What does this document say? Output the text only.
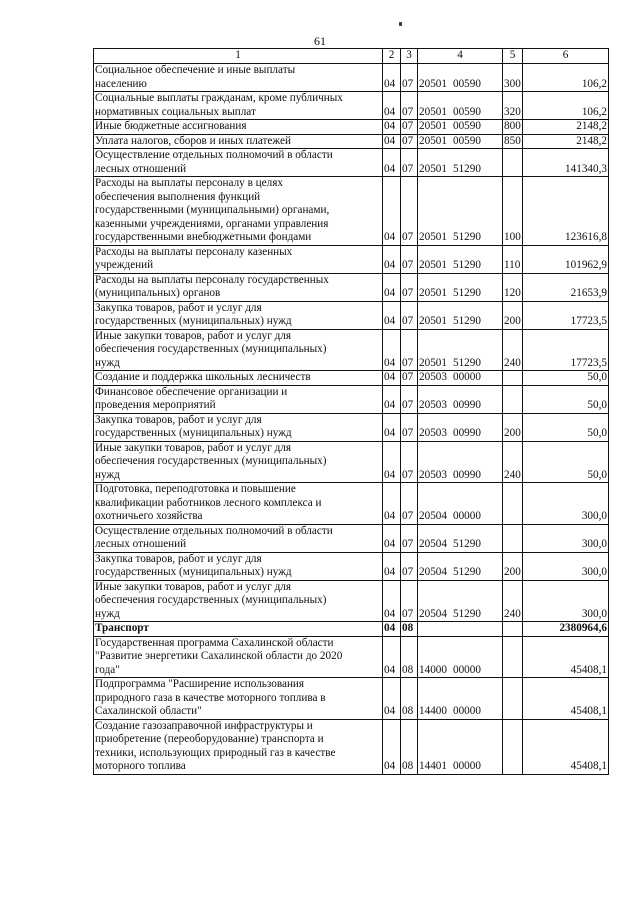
61
1	2	3	4	5	6

Социальное обеспечение и иные выплаты
населению	04	07	20501 00590	300	106,2

Социальные выплаты гражданам, кроме публичных
нормативных социальных выплат	04	07	20501 00590	320	106,2

Иные бюджетные ассигнования	04	07	20501 00590	800	2148,2

Уплата налогов, сборов и иных платежей	04	07	20501 00590	850	2148,2

Осуществление отдельных полномочий в области
лесных отношений	04	07	20501 51290		141340,3

Расходы на выплаты персоналу в целях
обеспечения выполнения функций
государственными (муниципальными) органами,
казенными учреждениями, органами управления
государственными внебюджетными фондами	04	07	20501 51290	100	123616,8

Расходы на выплаты персоналу казенных
учреждений	04	07	20501 51290	110	101962,9

Расходы на выплаты персоналу государственных
(муниципальных) органов	04	07	20501 51290	120	21653,9

Закупка товаров, работ и услуг для
государственных (муниципальных) нужд	04	07	20501 51290	200	17723,5

Иные закупки товаров, работ и услуг для
обеспечения государственных (муниципальных)
нужд	04	07	20501 51290	240	17723,5

Создание и поддержка школьных лесничеств	04	07	20503 00000		50,0

Финансовое обеспечение организации и
проведения мероприятий	04	07	20503 00990		50,0

Закупка товаров, работ и услуг для
государственных (муниципальных) нужд	04	07	20503 00990	200	50,0

Иные закупки товаров, работ и услуг для
обеспечения государственных (муниципальных)
нужд	04	07	20503 00990	240	50,0

Подготовка, переподготовка и повышение
квалификации работников лесного комплекса и
охотничьего хозяйства	04	07	20504 00000		300,0

Осуществление отдельных полномочий в области
лесных отношений	04	07	20504 51290		300,0

Закупка товаров, работ и услуг для
государственных (муниципальных) нужд	04	07	20504 51290	200	300,0

Иные закупки товаров, работ и услуг для
обеспечения государственных (муниципальных)
нужд	04	07	20504 51290	240	300,0

Транспорт	04	08			2380964,6

Государственная программа Сахалинской области
"Развитие энергетики Сахалинской области до 2020
года"	04	08	14000 00000		45408,1

Подпрограмма "Расширение использования
природного газа в качестве моторного топлива в
Сахалинской области"	04	08	14400 00000		45408,1

Создание газозаправочной инфраструктуры и
приобретение (переоборудование) транспорта и
техники, использующих природный газ в качестве
моторного топлива	04	08	14401 00000		45408,1
